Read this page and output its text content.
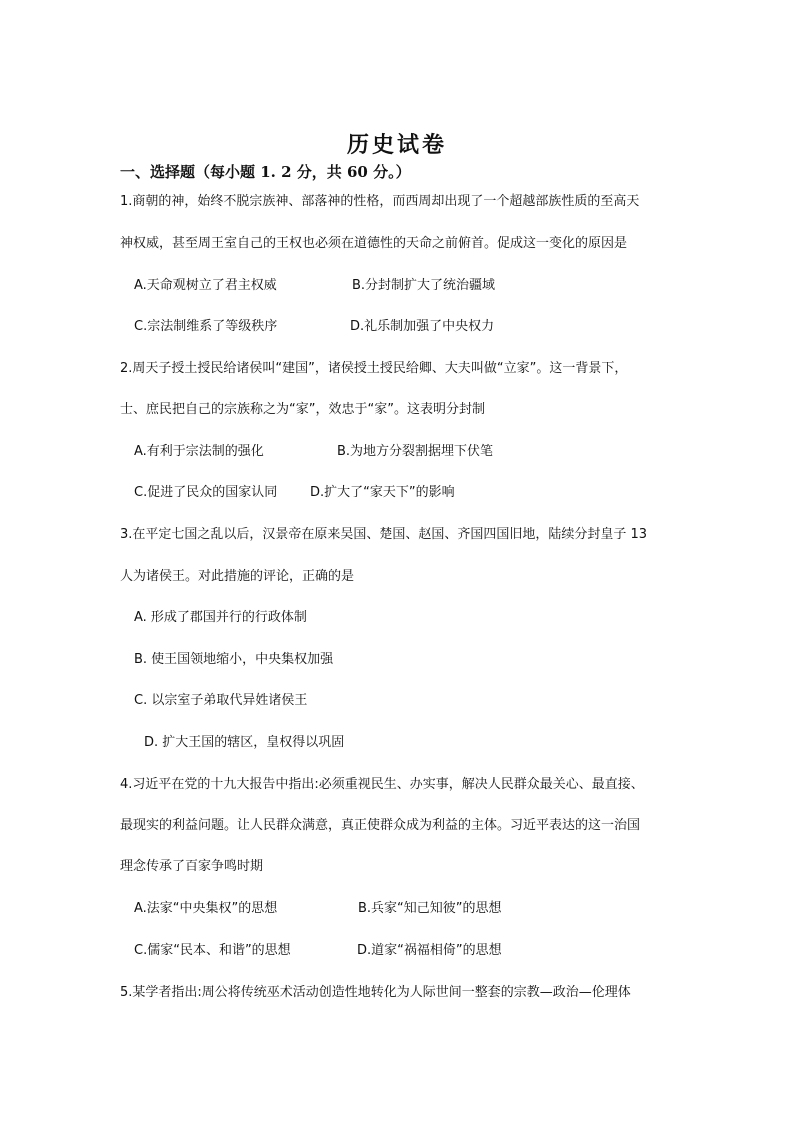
历史试卷
一、选择题（每小题 1. 2 分，共 60 分。）
1.商朝的神，始终不脱宗族神、部落神的性格，而西周却出现了一个超越部族性质的至高天
神权威，甚至周王室自己的王权也必须在道德性的天命之前俯首。促成这一变化的原因是
A.天命观树立了君主权威	B.分封制扩大了统治疆域
C.宗法制维系了等级秩序	D.礼乐制加强了中央权力
2.周天子授土授民给诸侯叫“建国”，诸侯授土授民给卿、大夫叫做“立家”。这一背景下，
士、庶民把自己的宗族称之为“家”，效忠于“家”。这表明分封制
A.有利于宗法制的强化	B.为地方分裂割据埋下伏笔
C.促进了民众的国家认同	D.扩大了“家天下”的影响
3.在平定七国之乱以后，汉景帝在原来吴国、楚国、赵国、齐国四国旧地，陆续分封皇子 13
人为诸侯王。对此措施的评论，正确的是
A. 形成了郡国并行的行政体制
B. 使王国领地缩小，中央集权加强
C. 以宗室子弟取代异姓诸侯王
D. 扩大王国的辖区，皇权得以巩固
4.习近平在党的十九大报告中指出:必须重视民生、办实事，解决人民群众最关心、最直接、
最现实的利益问题。让人民群众满意，真正使群众成为利益的主体。习近平表达的这一治国
理念传承了百家争鸣时期
A.法家“中央集权”的思想	B.兵家“知己知彼”的思想
C.儒家“民本、和谐”的思想	D.道家“祸福相倚”的思想
5.某学者指出:周公将传统巫术活动创造性地转化为人际世间一整套的宗教—政治—伦理体
